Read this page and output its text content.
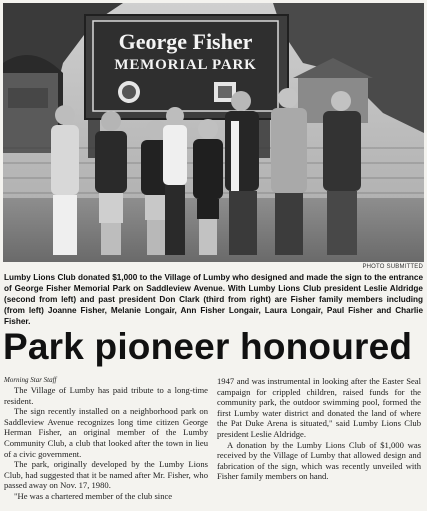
George Fisher
MEMORIAL PARK
PHOTO SUBMITTED
Lumby Lions Club donated $1,000 to the Village of Lumby who designed and made the sign to the entrance of George Fisher Memorial Park on Saddleview Avenue. With Lumby Lions Club president Leslie Aldridge (second from left) and past president Don Clark (third from right) are Fisher family members including (from left) Joanne Fisher, Melanie Longair, Ann Fisher Longair, Laura Longair, Paul Fisher and Charlie Fisher.
Park pioneer honoured
Morning Star Staff

The Village of Lumby has paid tribute to a long-time resident.

The sign recently installed on a neighborhood park on Saddleview Avenue recognizes long time citizen George Herman Fisher, an original member of the Lumby Community Club, a club that looked after the town in lieu of a civic government.

The park, originally developed by the Lumby Lions Club, had suggested that it be named after Mr. Fisher, who passed away on Nov. 17, 1980.

"He was a chartered member of the club since

1947 and was instrumental in looking after the Easter Seal campaign for crippled children, raised funds for the community park, the outdoor swimming pool, formed the first Lumby water district and donated the land of where the Pat Duke Arena is situated," said Lumby Lions Club president Leslie Aldridge.

A donation by the Lumby Lions Club of $1,000 was received by the Village of Lumby that allowed design and fabrication of the sign, which was recently unveiled with Fisher family members on hand.
